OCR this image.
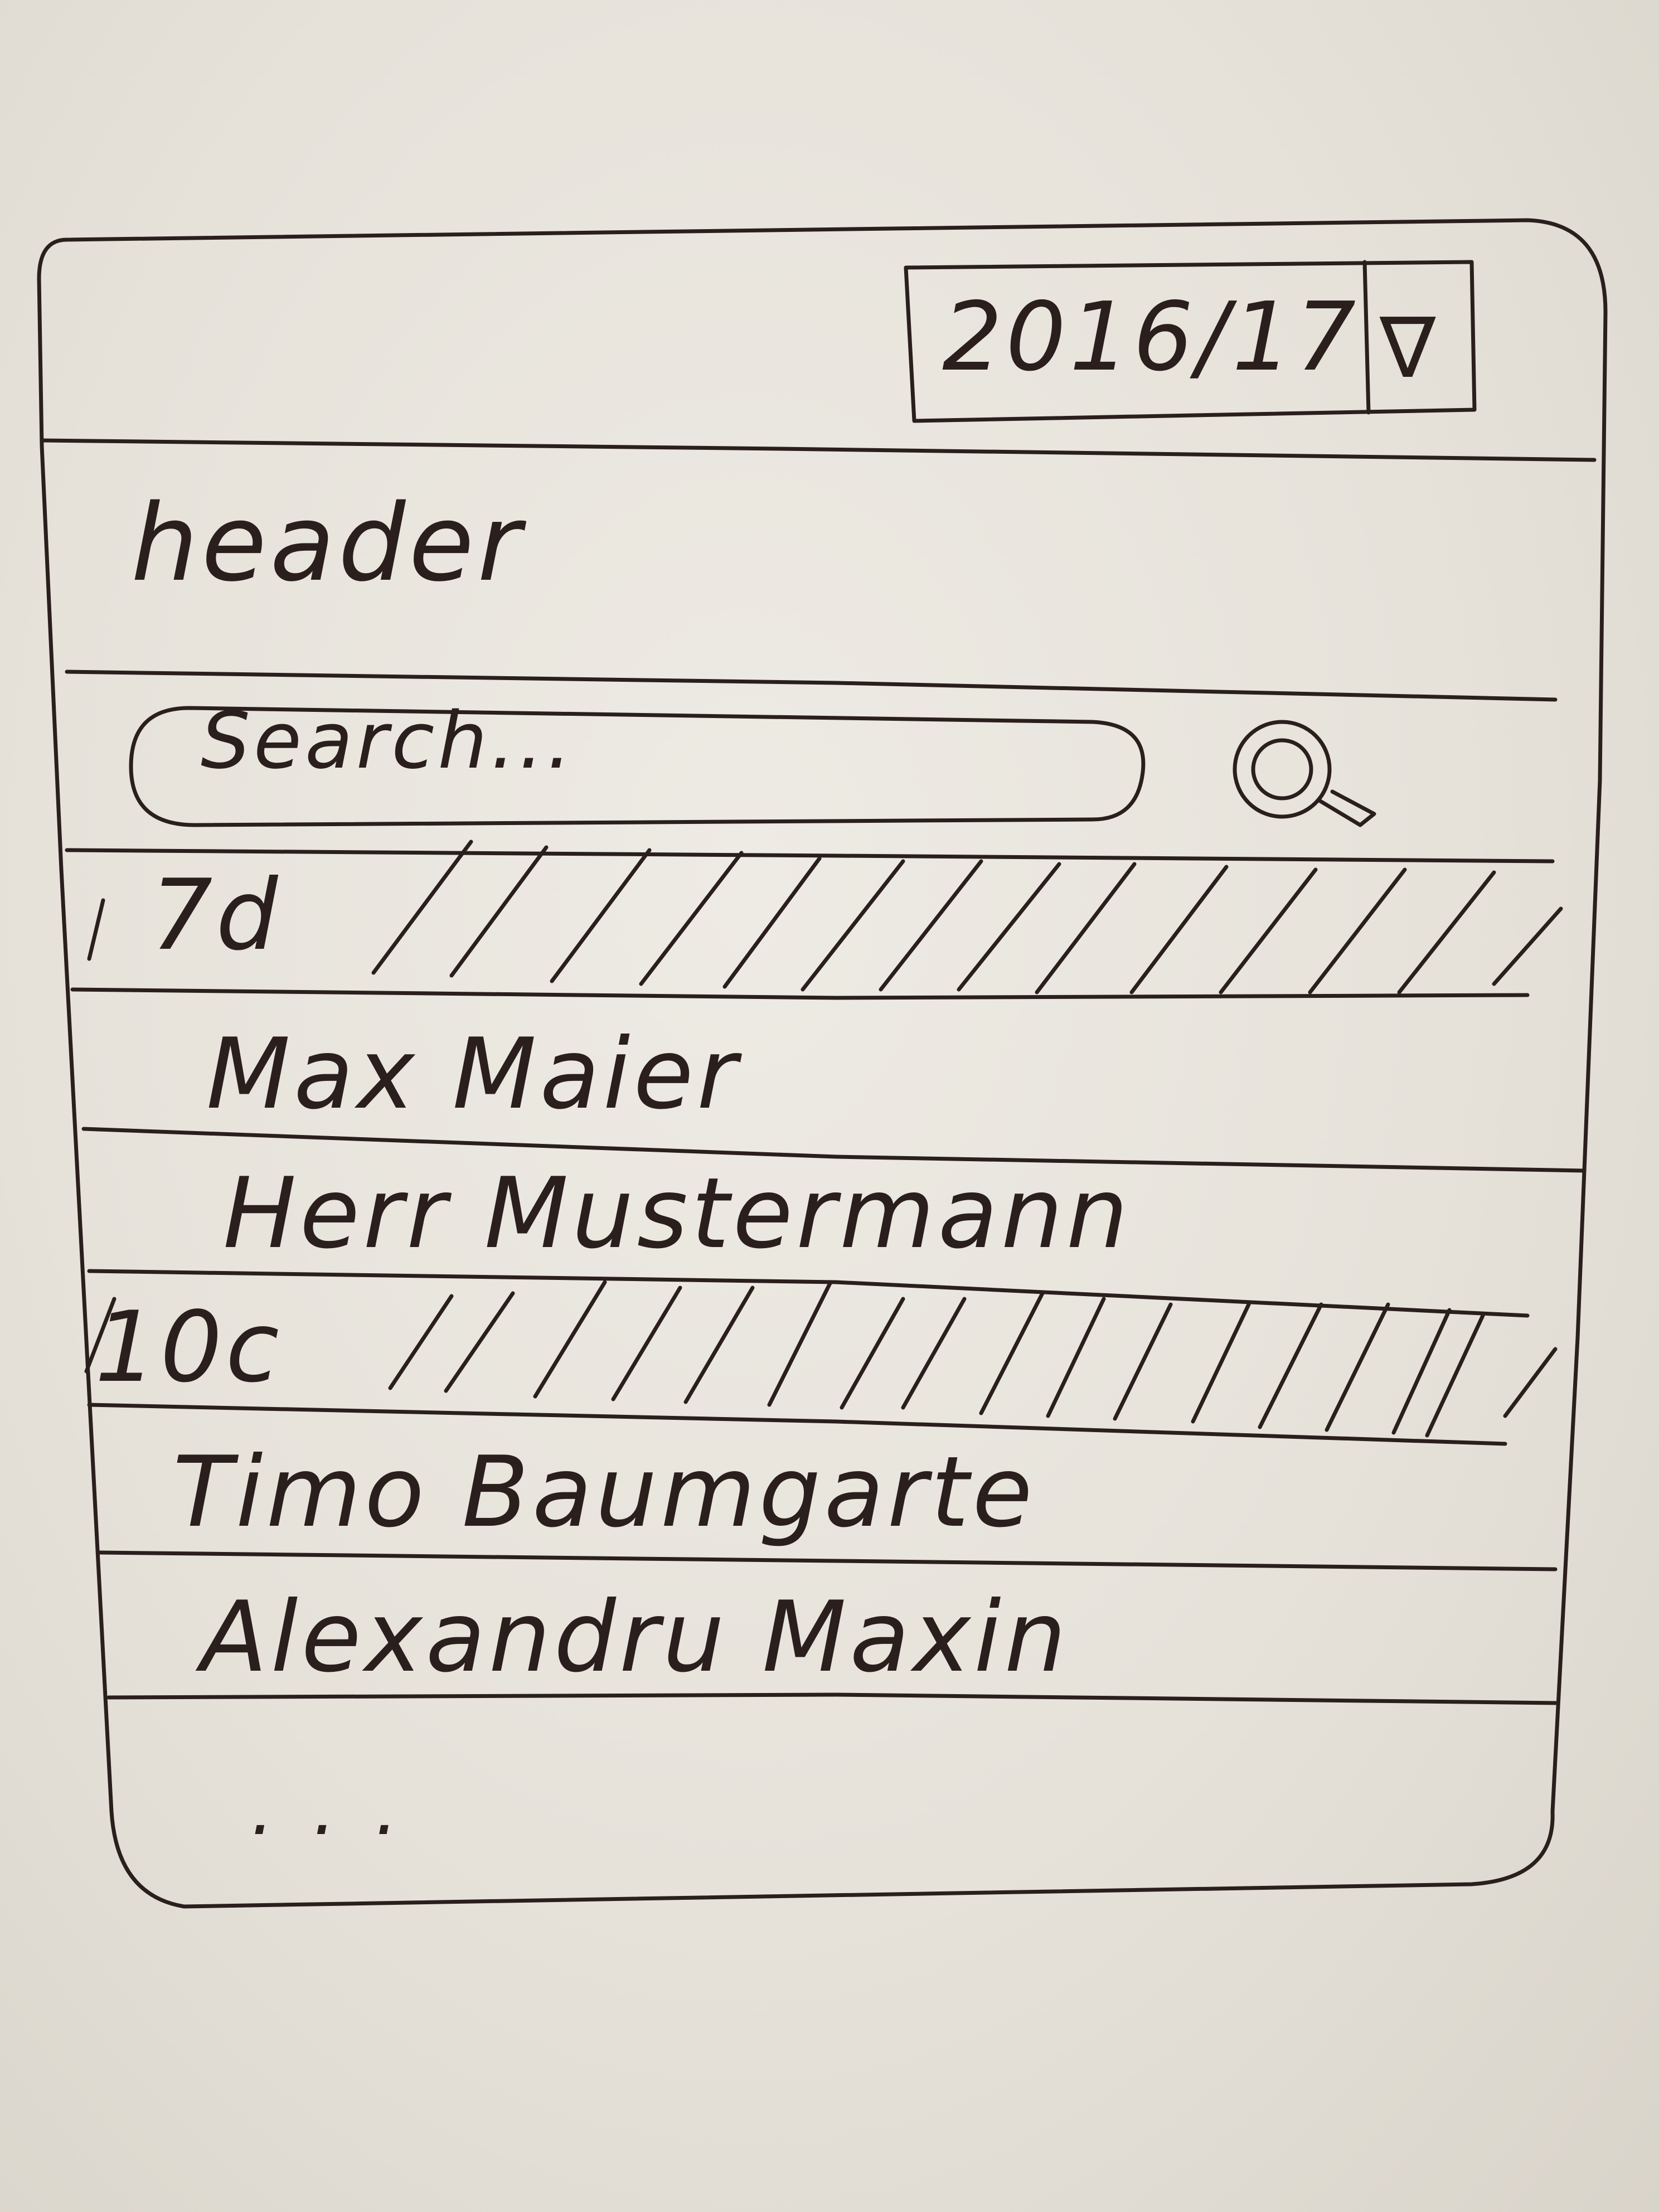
2016/17 ∇
header
Search...
7d
Max Maier
Herr Mustermann
10c
Timo Baumgarte
Alexandru Maxin
...
